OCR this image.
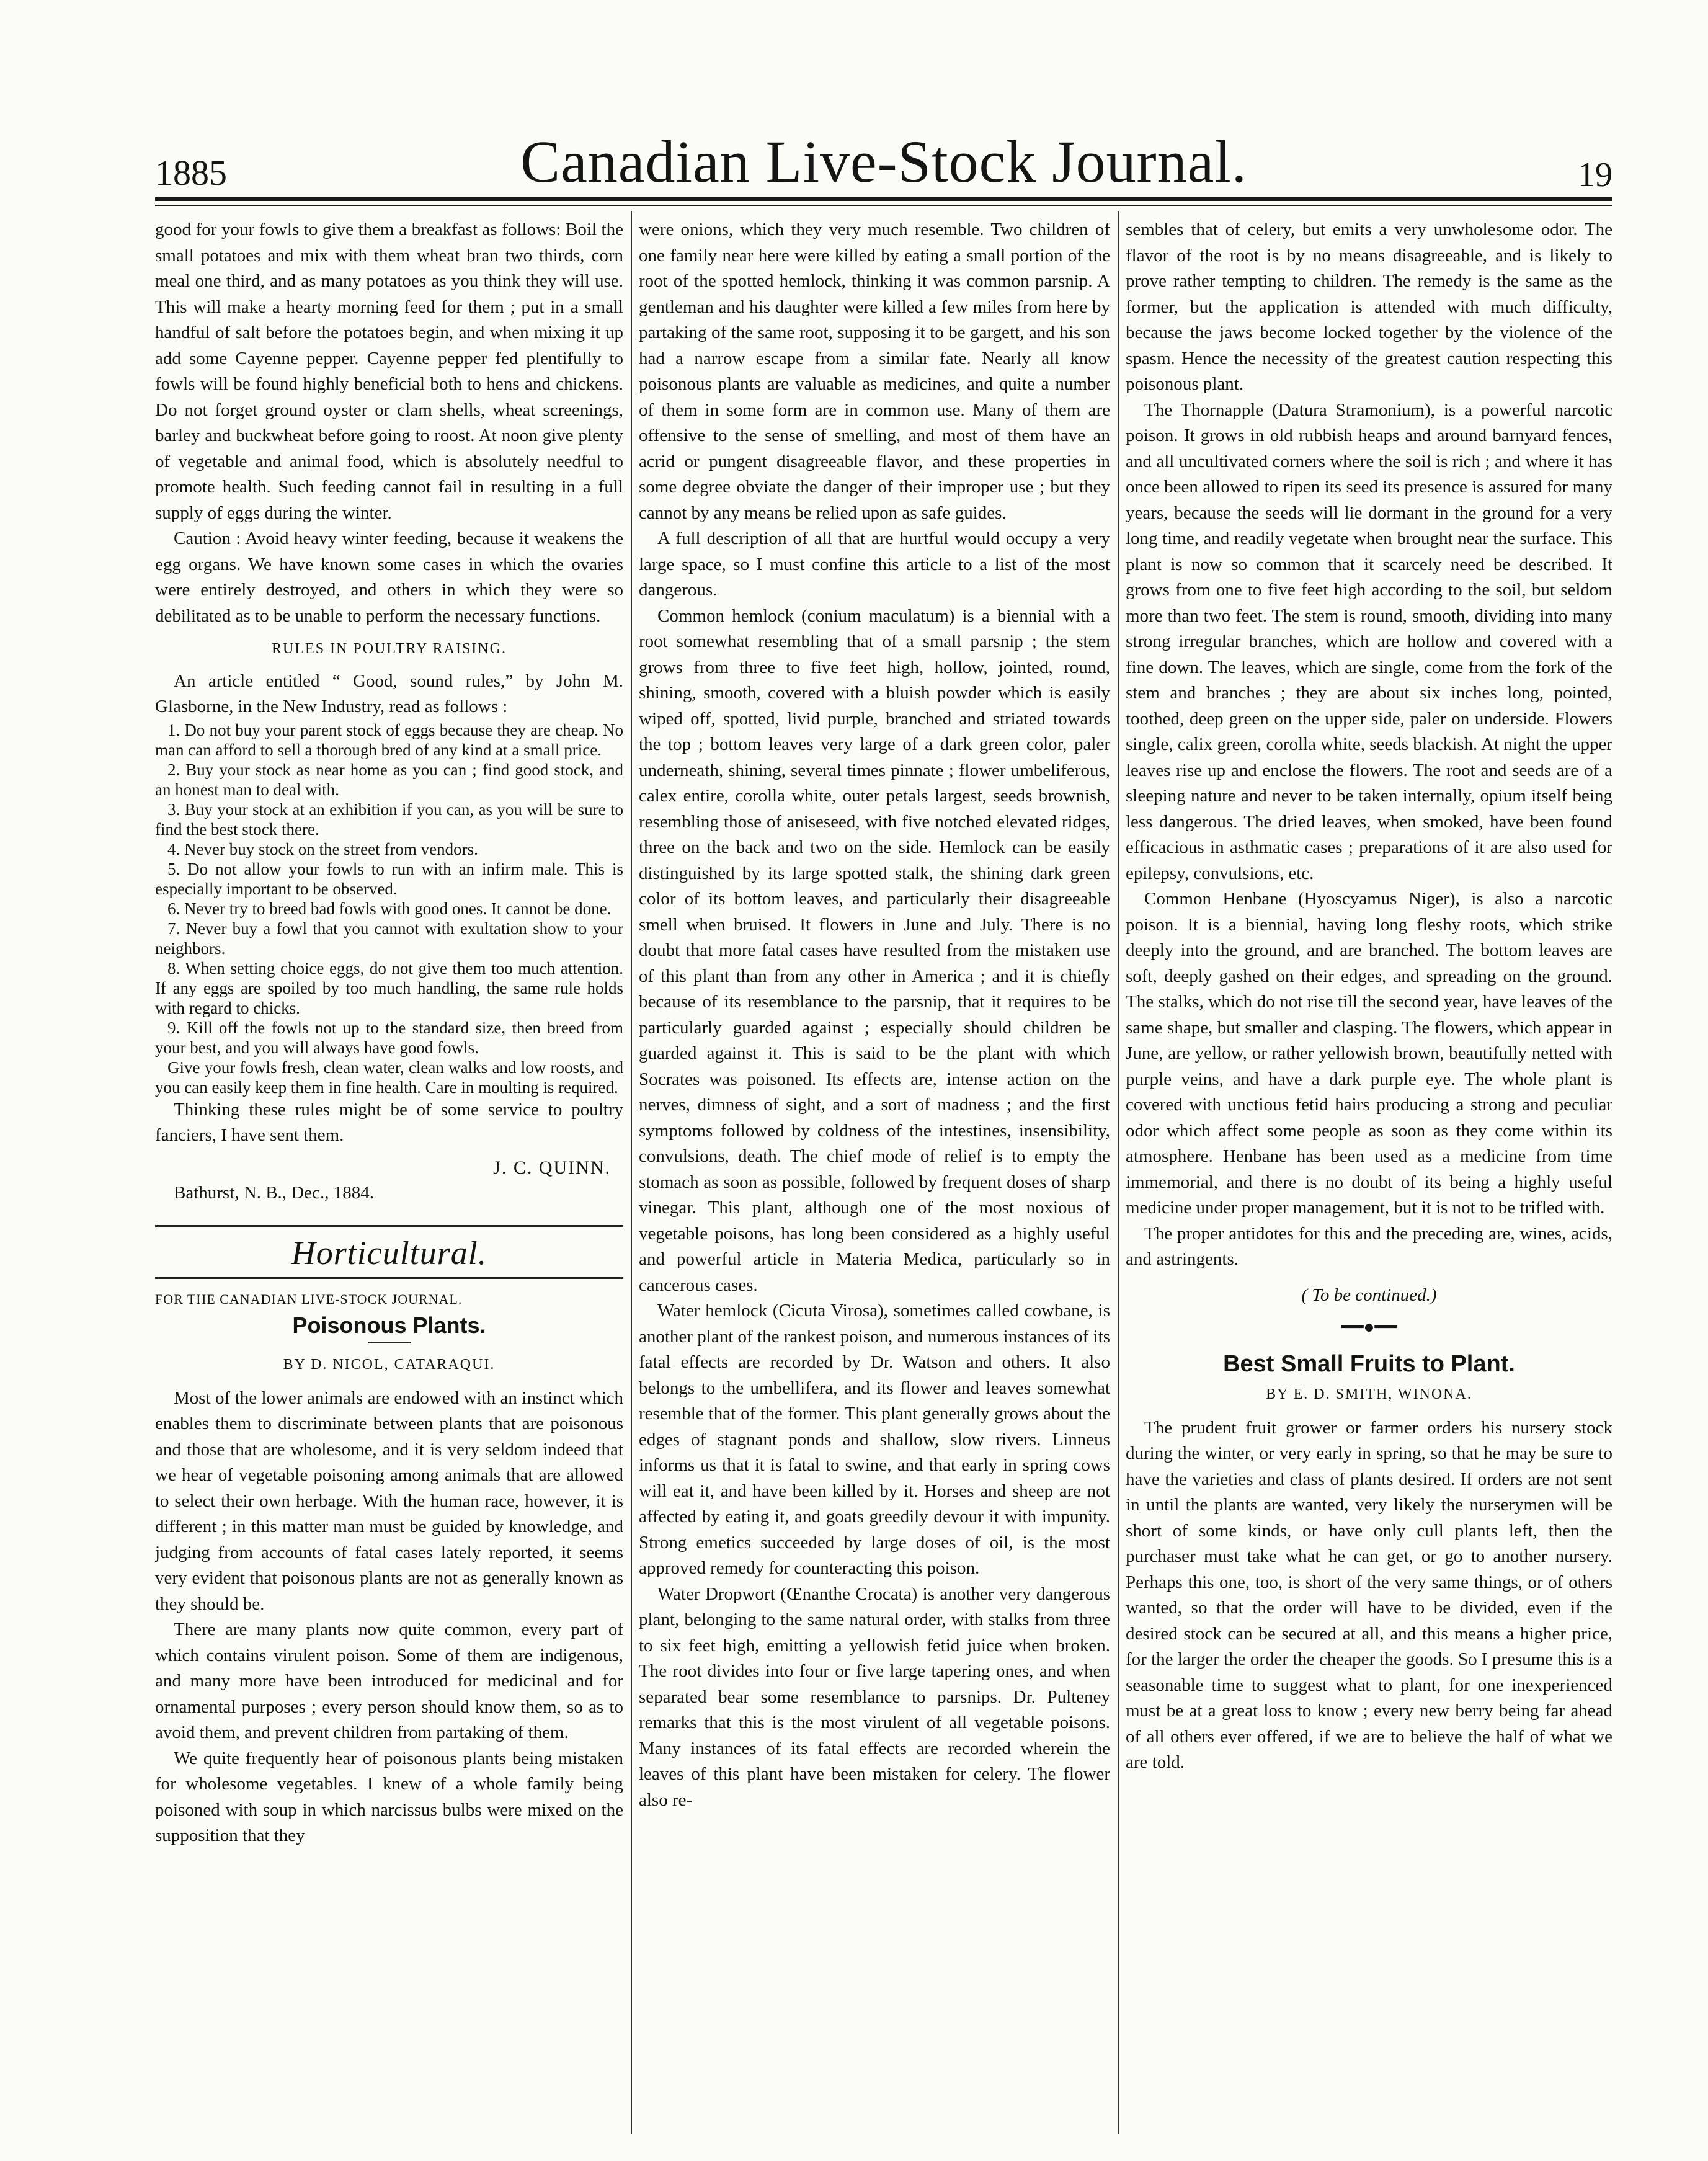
1885	Canadian Live-Stock Journal.	19

good for your fowls to give them a breakfast as follows: Boil the small potatoes and mix with them wheat bran two thirds, corn meal one third, and as many potatoes as you think they will use. This will make a hearty morning feed for them ; put in a small handful of salt before the potatoes begin, and when mixing it up add some Cayenne pepper. Cayenne pepper fed plentifully to fowls will be found highly beneficial both to hens and chickens. Do not forget ground oyster or clam shells, wheat screenings, barley and buckwheat before going to roost. At noon give plenty of vegetable and animal food, which is absolutely needful to promote health. Such feeding cannot fail in resulting in a full supply of eggs during the winter.

Caution : Avoid heavy winter feeding, because it weakens the egg organs. We have known some cases in which the ovaries were entirely destroyed, and others in which they were so debilitated as to be unable to perform the necessary functions.

RULES IN POULTRY RAISING.

An article entitled “ Good, sound rules,” by John M. Glasborne, in the New Industry, read as follows :

1. Do not buy your parent stock of eggs because they are cheap. No man can afford to sell a thorough bred of any kind at a small price.

2. Buy your stock as near home as you can ; find good stock, and an honest man to deal with.

3. Buy your stock at an exhibition if you can, as you will be sure to find the best stock there.

4. Never buy stock on the street from vendors.

5. Do not allow your fowls to run with an infirm male. This is especially important to be observed.

6. Never try to breed bad fowls with good ones. It cannot be done.

7. Never buy a fowl that you cannot with exultation show to your neighbors.

8. When setting choice eggs, do not give them too much attention. If any eggs are spoiled by too much handling, the same rule holds with regard to chicks.

9. Kill off the fowls not up to the standard size, then breed from your best, and you will always have good fowls.

Give your fowls fresh, clean water, clean walks and low roosts, and you can easily keep them in fine health. Care in moulting is required.

Thinking these rules might be of some service to poultry fanciers, I have sent them.

J. C. QUINN.

Bathurst, N. B., Dec., 1884.

Horticultural.

FOR THE CANADIAN LIVE-STOCK JOURNAL.

Poisonous Plants.
BY D. NICOL, CATARAQUI.

Most of the lower animals are endowed with an instinct which enables them to discriminate between plants that are poisonous and those that are wholesome, and it is very seldom indeed that we hear of vegetable poisoning among animals that are allowed to select their own herbage. With the human race, however, it is different ; in this matter man must be guided by knowledge, and judging from accounts of fatal cases lately reported, it seems very evident that poisonous plants are not as generally known as they should be.

There are many plants now quite common, every part of which contains virulent poison. Some of them are indigenous, and many more have been introduced for medicinal and for ornamental purposes ; every person should know them, so as to avoid them, and prevent children from partaking of them.

We quite frequently hear of poisonous plants being mistaken for wholesome vegetables. I knew of a whole family being poisoned with soup in which narcissus bulbs were mixed on the supposition that they

were onions, which they very much resemble. Two children of one family near here were killed by eating a small portion of the root of the spotted hemlock, thinking it was common parsnip. A gentleman and his daughter were killed a few miles from here by partaking of the same root, supposing it to be gargett, and his son had a narrow escape from a similar fate. Nearly all know poisonous plants are valuable as medicines, and quite a number of them in some form are in common use. Many of them are offensive to the sense of smelling, and most of them have an acrid or pungent disagreeable flavor, and these properties in some degree obviate the danger of their improper use ; but they cannot by any means be relied upon as safe guides.

A full description of all that are hurtful would occupy a very large space, so I must confine this article to a list of the most dangerous.

Common hemlock (conium maculatum) is a biennial with a root somewhat resembling that of a small parsnip ; the stem grows from three to five feet high, hollow, jointed, round, shining, smooth, covered with a bluish powder which is easily wiped off, spotted, livid purple, branched and striated towards the top ; bottom leaves very large of a dark green color, paler underneath, shining, several times pinnate ; flower umbeliferous, calex entire, corolla white, outer petals largest, seeds brownish, resembling those of aniseseed, with five notched elevated ridges, three on the back and two on the side. Hemlock can be easily distinguished by its large spotted stalk, the shining dark green color of its bottom leaves, and particularly their disagreeable smell when bruised. It flowers in June and July. There is no doubt that more fatal cases have resulted from the mistaken use of this plant than from any other in America ; and it is chiefly because of its resemblance to the parsnip, that it requires to be particularly guarded against ; especially should children be guarded against it. This is said to be the plant with which Socrates was poisoned. Its effects are, intense action on the nerves, dimness of sight, and a sort of madness ; and the first symptoms followed by coldness of the intestines, insensibility, convulsions, death. The chief mode of relief is to empty the stomach as soon as possible, followed by frequent doses of sharp vinegar. This plant, although one of the most noxious of vegetable poisons, has long been considered as a highly useful and powerful article in Materia Medica, particularly so in cancerous cases.

Water hemlock (Cicuta Virosa), sometimes called cowbane, is another plant of the rankest poison, and numerous instances of its fatal effects are recorded by Dr. Watson and others. It also belongs to the umbellifera, and its flower and leaves somewhat resemble that of the former. This plant generally grows about the edges of stagnant ponds and shallow, slow rivers. Linneus informs us that it is fatal to swine, and that early in spring cows will eat it, and have been killed by it. Horses and sheep are not affected by eating it, and goats greedily devour it with impunity. Strong emetics succeeded by large doses of oil, is the most approved remedy for counteracting this poison.

Water Dropwort (Œnanthe Crocata) is another very dangerous plant, belonging to the same natural order, with stalks from three to six feet high, emitting a yellowish fetid juice when broken. The root divides into four or five large tapering ones, and when separated bear some resemblance to parsnips. Dr. Pulteney remarks that this is the most virulent of all vegetable poisons. Many instances of its fatal effects are recorded wherein the leaves of this plant have been mistaken for celery. The flower also re-

sembles that of celery, but emits a very unwholesome odor. The flavor of the root is by no means disagreeable, and is likely to prove rather tempting to children. The remedy is the same as the former, but the application is attended with much difficulty, because the jaws become locked together by the violence of the spasm. Hence the necessity of the greatest caution respecting this poisonous plant.

The Thornapple (Datura Stramonium), is a powerful narcotic poison. It grows in old rubbish heaps and around barnyard fences, and all uncultivated corners where the soil is rich ; and where it has once been allowed to ripen its seed its presence is assured for many years, because the seeds will lie dormant in the ground for a very long time, and readily vegetate when brought near the surface. This plant is now so common that it scarcely need be described. It grows from one to five feet high according to the soil, but seldom more than two feet. The stem is round, smooth, dividing into many strong irregular branches, which are hollow and covered with a fine down. The leaves, which are single, come from the fork of the stem and branches ; they are about six inches long, pointed, toothed, deep green on the upper side, paler on underside. Flowers single, calix green, corolla white, seeds blackish. At night the upper leaves rise up and enclose the flowers. The root and seeds are of a sleeping nature and never to be taken internally, opium itself being less dangerous. The dried leaves, when smoked, have been found efficacious in asthmatic cases ; preparations of it are also used for epilepsy, convulsions, etc.

Common Henbane (Hyoscyamus Niger), is also a narcotic poison. It is a biennial, having long fleshy roots, which strike deeply into the ground, and are branched. The bottom leaves are soft, deeply gashed on their edges, and spreading on the ground. The stalks, which do not rise till the second year, have leaves of the same shape, but smaller and clasping. The flowers, which appear in June, are yellow, or rather yellowish brown, beautifully netted with purple veins, and have a dark purple eye. The whole plant is covered with unctious fetid hairs producing a strong and peculiar odor which affect some people as soon as they come within its atmosphere. Henbane has been used as a medicine from time immemorial, and there is no doubt of its being a highly useful medicine under proper management, but it is not to be trifled with.

The proper antidotes for this and the preceding are, wines, acids, and astringents.

( To be continued.)
━━●━━
Best Small Fruits to Plant.
BY E. D. SMITH, WINONA.

The prudent fruit grower or farmer orders his nursery stock during the winter, or very early in spring, so that he may be sure to have the varieties and class of plants desired. If orders are not sent in until the plants are wanted, very likely the nurserymen will be short of some kinds, or have only cull plants left, then the purchaser must take what he can get, or go to another nursery. Perhaps this one, too, is short of the very same things, or of others wanted, so that the order will have to be divided, even if the desired stock can be secured at all, and this means a higher price, for the larger the order the cheaper the goods. So I presume this is a seasonable time to suggest what to plant, for one inexperienced must be at a great loss to know ; every new berry being far ahead of all others ever offered, if we are to believe the half of what we are told.
